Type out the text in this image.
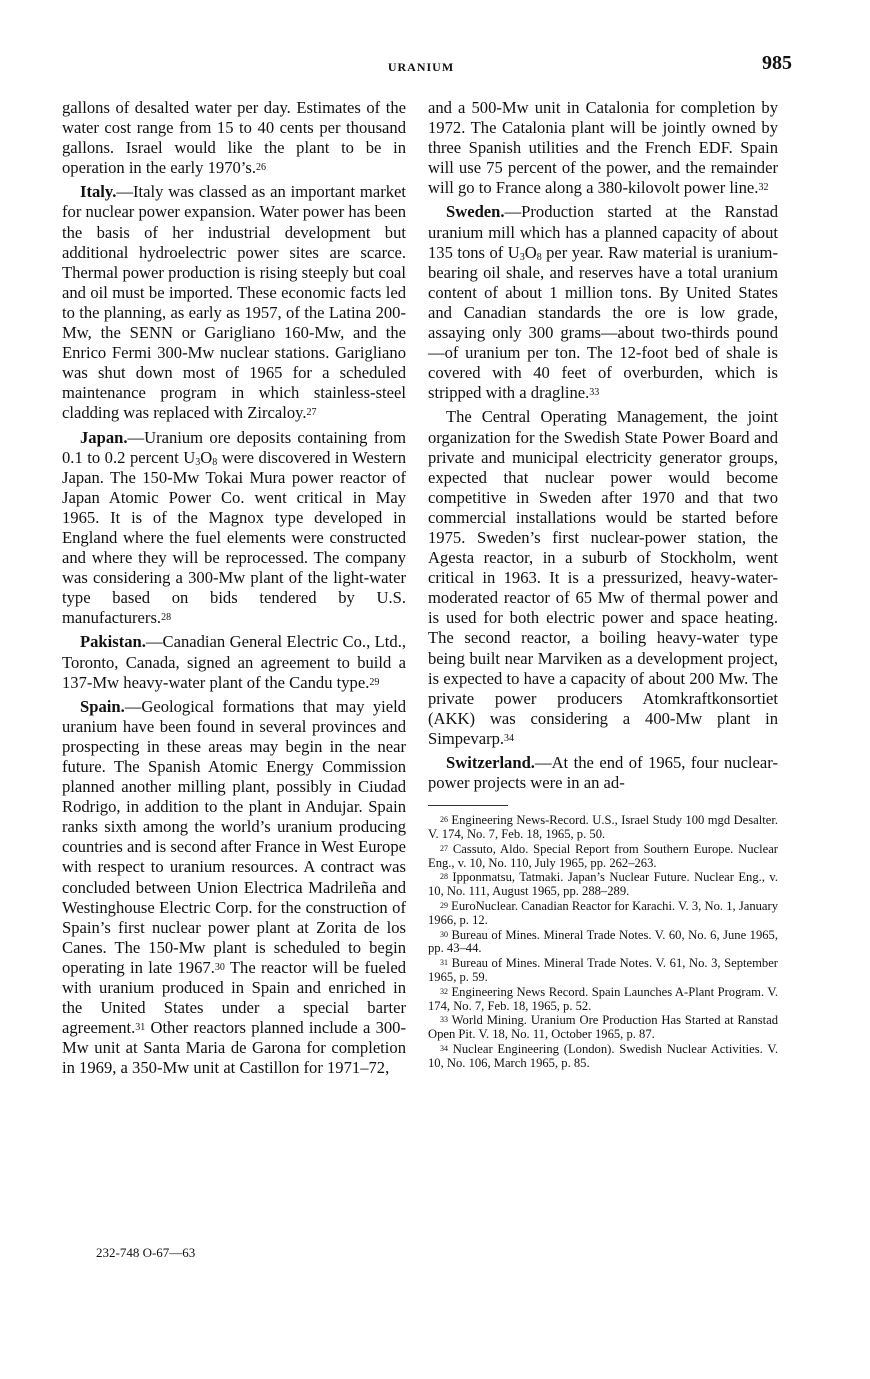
URANIUM	985

gallons of desalted water per day. Estimates of the water cost range from 15 to 40 cents per thousand gallons. Israel would like the plant to be in operation in the early 1970’s.$^{26}$

Italy.—Italy was classed as an important market for nuclear power expansion. Water power has been the basis of her industrial development but additional hydroelectric power sites are scarce. Thermal power production is rising steeply but coal and oil must be imported. These economic facts led to the planning, as early as 1957, of the Latina 200-Mw, the SENN or Garigliano 160-Mw, and the Enrico Fermi 300-Mw nuclear stations. Garigliano was shut down most of 1965 for a scheduled maintenance program in which stainless-steel cladding was replaced with Zircaloy.$^{27}$

Japan.—Uranium ore deposits containing from 0.1 to 0.2 percent $U_3O_8$ were discovered in Western Japan. The 150-Mw Tokai Mura power reactor of Japan Atomic Power Co. went critical in May 1965. It is of the Magnox type developed in England where the fuel elements were constructed and where they will be reprocessed. The company was considering a 300-Mw plant of the light-water type based on bids tendered by U.S. manufacturers.$^{28}$

Pakistan.—Canadian General Electric Co., Ltd., Toronto, Canada, signed an agreement to build a 137-Mw heavy-water plant of the Candu type.$^{29}$

Spain.—Geological formations that may yield uranium have been found in several provinces and prospecting in these areas may begin in the near future. The Spanish Atomic Energy Commission planned another milling plant, possibly in Ciudad Rodrigo, in addition to the plant in Andujar. Spain ranks sixth among the world’s uranium producing countries and is second after France in West Europe with respect to uranium resources. A contract was concluded between Union Electrica Madrileña and Westinghouse Electric Corp. for the construction of Spain’s first nuclear power plant at Zorita de los Canes. The 150-Mw plant is scheduled to begin operating in late 1967.30 The reactor will be fueled with uranium produced in Spain and enriched in the United States under a special barter agreement.$^{31}$ Other reactors planned include a 300-Mw unit at Santa Maria de Garona for completion in 1969, a 350-Mw unit at Castillon for 1971–72,

and a 500-Mw unit in Catalonia for completion by 1972. The Catalonia plant will be jointly owned by three Spanish utilities and the French EDF. Spain will use 75 percent of the power, and the remainder will go to France along a 380-kilovolt power line.$^{32}$

Sweden.—Production started at the Ranstad uranium mill which has a planned capacity of about 135 tons of $U_3O_8$ per year. Raw material is uranium-bearing oil shale, and reserves have a total uranium content of about 1 million tons. By United States and Canadian standards the ore is low grade, assaying only 300 grams—about two-thirds pound—of uranium per ton. The 12-foot bed of shale is covered with 40 feet of overburden, which is stripped with a dragline.$^{33}$

The Central Operating Management, the joint organization for the Swedish State Power Board and private and municipal electricity generator groups, expected that nuclear power would become competitive in Sweden after 1970 and that two commercial installations would be started before 1975. Sweden’s first nuclear-power station, the Agesta reactor, in a suburb of Stockholm, went critical in 1963. It is a pressurized, heavy-water-moderated reactor of 65 Mw of thermal power and is used for both electric power and space heating. The second reactor, a boiling heavy-water type being built near Marviken as a development project, is expected to have a capacity of about 200 Mw. The private power producers Atomkraftkonsortiet (AKK) was considering a 400-Mw plant in Simpevarp.$^{34}$

Switzerland.—At the end of 1965, four nuclear-power projects were in an ad-

$^{26}$ Engineering News-Record. U.S., Israel Study 100 mgd Desalter. V. 174, No. 7, Feb. 18, 1965, p. 50.

$^{27}$ Cassuto, Aldo. Special Report from Southern Europe. Nuclear Eng., v. 10, No. 110, July 1965, pp. 262–263.

$^{28}$ Ipponmatsu, Tatmaki. Japan’s Nuclear Future. Nuclear Eng., v. 10, No. 111, August 1965, pp. 288–289.

$^{29}$ EuroNuclear. Canadian Reactor for Karachi. V. 3, No. 1, January 1966, p. 12.

$^{30}$ Bureau of Mines. Mineral Trade Notes. V. 60, No. 6, June 1965, pp. 43–44.

$^{31}$ Bureau of Mines. Mineral Trade Notes. V. 61, No. 3, September 1965, p. 59.

$^{32}$ Engineering News Record. Spain Launches A-Plant Program. V. 174, No. 7, Feb. 18, 1965, p. 52.

$^{33}$ World Mining. Uranium Ore Production Has Started at Ranstad Open Pit. V. 18, No. 11, October 1965, p. 87.

$^{34}$ Nuclear Engineering (London). Swedish Nuclear Activities. V. 10, No. 106, March 1965, p. 85.

232-748 O-67—63
